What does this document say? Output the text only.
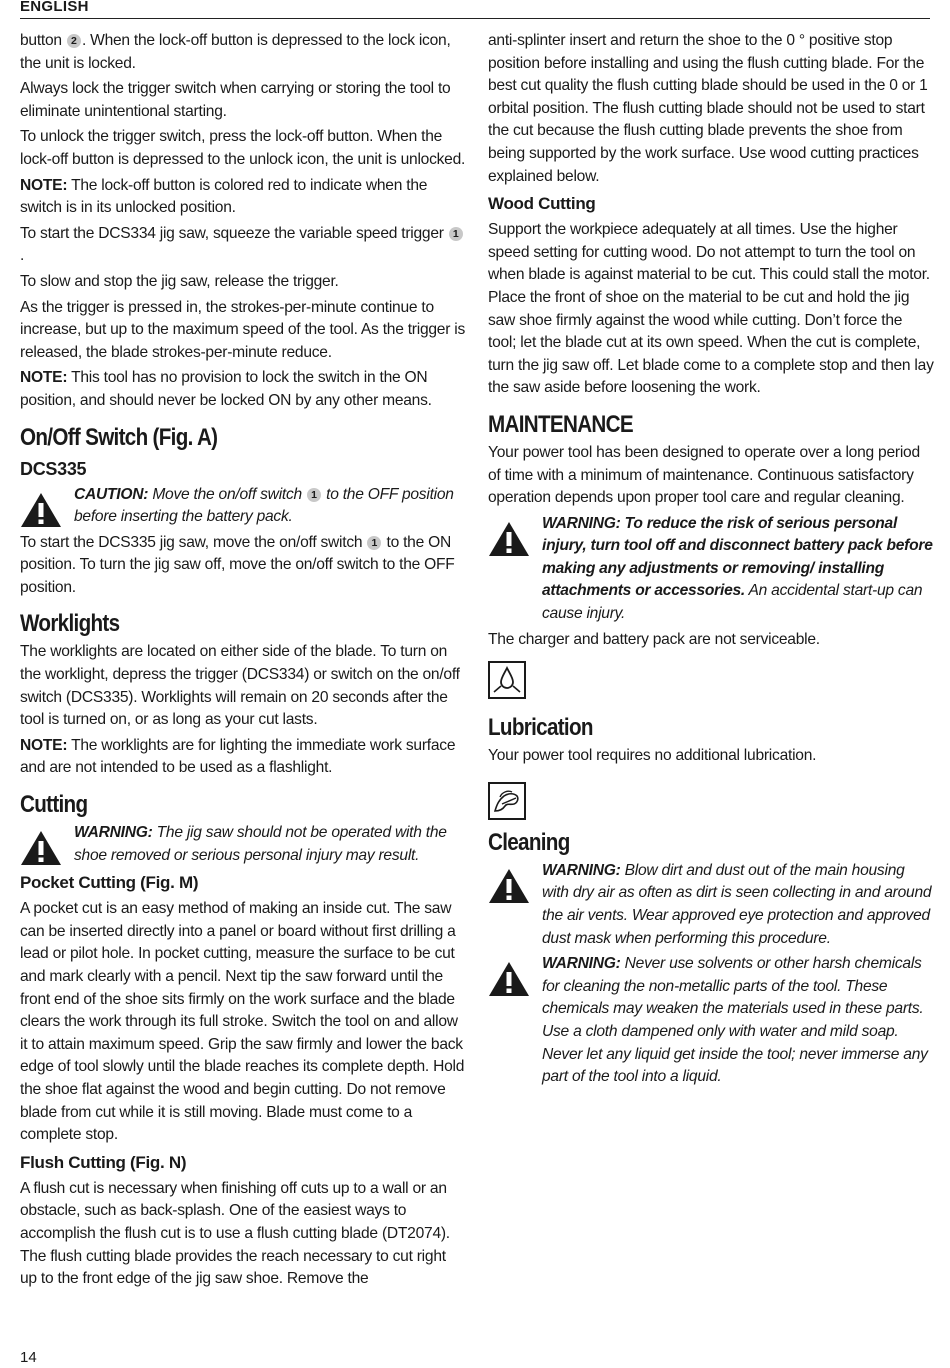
ENGLISH

button 2 . When the lock-off button is depressed to the lock icon, the unit is locked.

Always lock the trigger switch when carrying or storing the tool to eliminate unintentional starting.

To unlock the trigger switch, press the lock-off button. When the lock-off button is depressed to the unlock icon, the unit is unlocked.

NOTE: The lock-off button is colored red to indicate when the switch is in its unlocked position.

To start the DCS334 jig saw, squeeze the variable speed trigger 1.

To slow and stop the jig saw, release the trigger.

As the trigger is pressed in, the strokes-per-minute continue to increase, but up to the maximum speed of the tool. As the trigger is released, the blade strokes-per-minute reduce.

NOTE: This tool has no provision to lock the switch in the ON position, and should never be locked ON by any other means.

On/Off Switch (Fig. A)
DCS335
CAUTION: Move the on/off switch 1 to the OFF position before inserting the battery pack.

To start the DCS335 jig saw, move the on/off switch 1 to the ON position. To turn the jig saw off, move the on/off switch to the OFF position.

Worklights

The worklights are located on either side of the blade. To turn on the worklight, depress the trigger (DCS334) or switch on the on/off switch (DCS335). Worklights will remain on 20 seconds after the tool is turned on, or as long as your cut lasts.

NOTE: The worklights are for lighting the immediate work surface and are not intended to be used as a flashlight.

Cutting
WARNING: The jig saw should not be operated with the shoe removed or serious personal injury may result.
Pocket Cutting (Fig. M)

A pocket cut is an easy method of making an inside cut. The saw can be inserted directly into a panel or board without first drilling a lead or pilot hole. In pocket cutting, measure the surface to be cut and mark clearly with a pencil. Next tip the saw forward until the front end of the shoe sits firmly on the work surface and the blade clears the work through its full stroke. Switch the tool on and allow it to attain maximum speed. Grip the saw firmly and lower the back edge of tool slowly until the blade reaches its complete depth. Hold the shoe flat against the wood and begin cutting. Do not remove blade from cut while it is still moving. Blade must come to a complete stop.

Flush Cutting (Fig. N)

A flush cut is necessary when finishing off cuts up to a wall or an obstacle, such as back-splash. One of the easiest ways to accomplish the flush cut is to use a flush cutting blade (DT2074). The flush cutting blade provides the reach necessary to cut right up to the front edge of the jig saw shoe. Remove the

anti-splinter insert and return the shoe to the 0 ° positive stop position before installing and using the flush cutting blade. For the best cut quality the flush cutting blade should be used in the 0 or 1 orbital position. The flush cutting blade should not be used to start the cut because the flush cutting blade prevents the shoe from being supported by the work surface. Use wood cutting practices explained below.

Wood Cutting

Support the workpiece adequately at all times. Use the higher speed setting for cutting wood. Do not attempt to turn the tool on when blade is against material to be cut. This could stall the motor. Place the front of shoe on the material to be cut and hold the jig saw shoe firmly against the wood while cutting. Don’t force the tool; let the blade cut at its own speed. When the cut is complete, turn the jig saw off. Let blade come to a complete stop and then lay the saw aside before loosening the work.

MAINTENANCE

Your power tool has been designed to operate over a long period of time with a minimum of maintenance. Continuous satisfactory operation depends upon proper tool care and regular cleaning.

WARNING: To reduce the risk of serious personal injury, turn tool off and disconnect battery pack before making any adjustments or removing/ installing attachments or accessories. An accidental start-up can cause injury.

The charger and battery pack are not serviceable.

Lubrication

Your power tool requires no additional lubrication.

Cleaning
WARNING: Blow dirt and dust out of the main housing with dry air as often as dirt is seen collecting in and around the air vents. Wear approved eye protection and approved dust mask when performing this procedure.
WARNING: Never use solvents or other harsh chemicals for cleaning the non-metallic parts of the tool. These chemicals may weaken the materials used in these parts. Use a cloth dampened only with water and mild soap. Never let any liquid get inside the tool; never immerse any part of the tool into a liquid.
14
